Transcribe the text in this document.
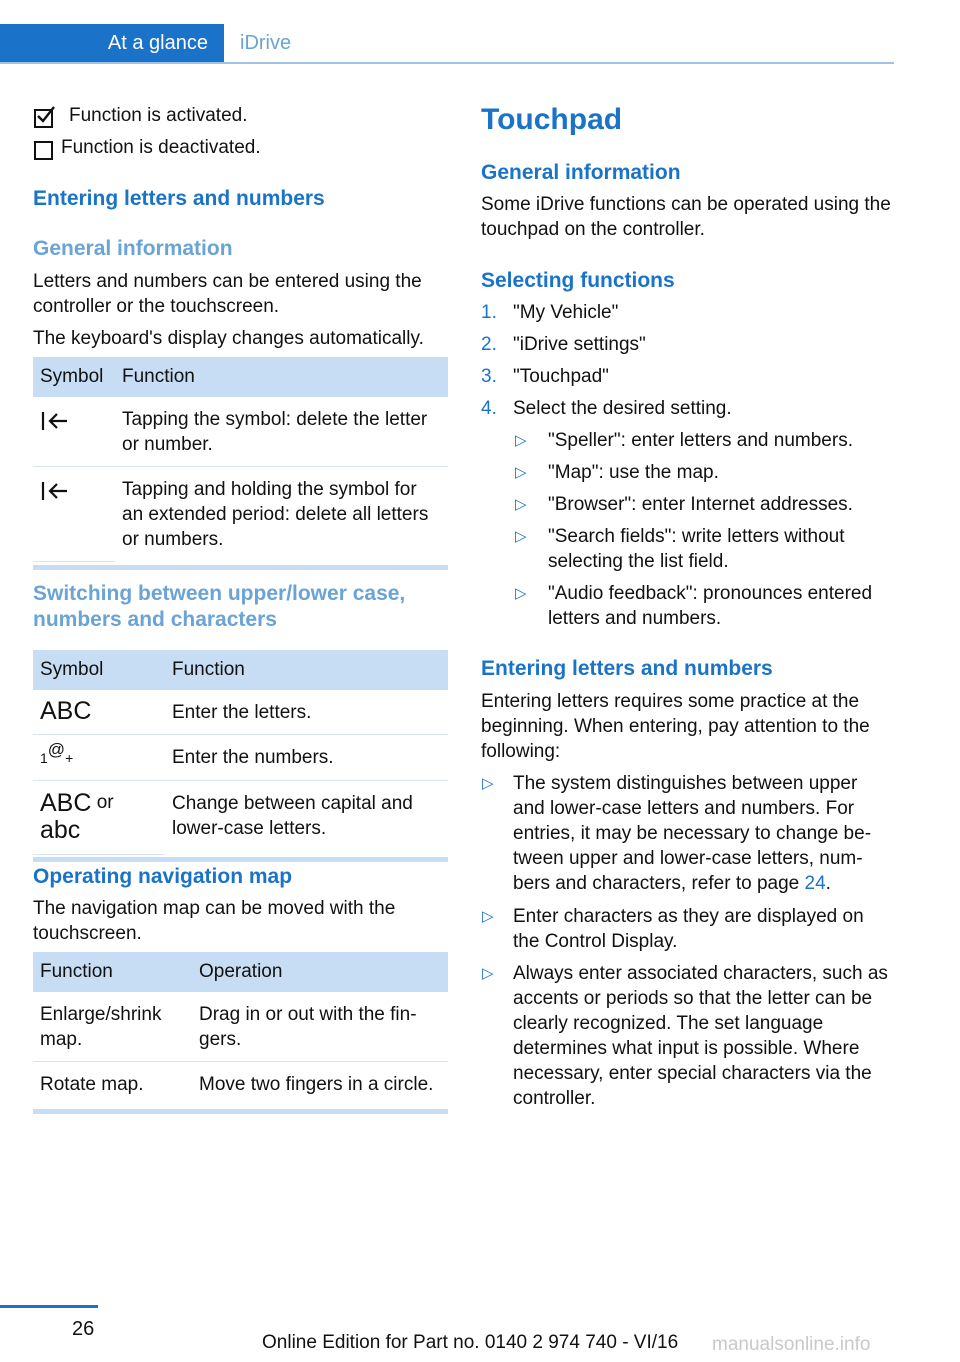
At a glance iDrive
Function is activated.
Function is deactivated.

Entering letters and numbers

General information

Letters and numbers can be entered using the controller or the touchscreen.

The keyboard's display changes automatically.

Symbol	Function
	Tapping the symbol: delete the letter or number.
	Tapping and holding the symbol for an extended period: delete all letters or numbers.

Switching between upper/lower case, numbers and characters

Symbol	Function
ABC	Enter the letters.
1@+	Enter the numbers.
ABC or
abc	Change between capital and lower-case letters.

Operating navigation map

The navigation map can be moved with the touchscreen.

Function	Operation
Enlarge/shrink map.	Drag in or out with the fingers.
Rotate map.	Move two fingers in a circle.

Touchpad

General information

Some iDrive functions can be operated using the touchpad on the controller.

Selecting functions

1. "My Vehicle"
2. "iDrive settings"
3. "Touchpad"
4. Select the desired setting.
▷ "Speller": enter letters and numbers.
▷ "Map": use the map.
▷ "Browser": enter Internet addresses.
▷ "Search fields": write letters without selecting the list field.
▷ "Audio feedback": pronounces entered letters and numbers.

Entering letters and numbers

Entering letters requires some practice at the beginning. When entering, pay attention to the following:

▷ The system distinguishes between upper and lower-case letters and numbers. For entries, it may be necessary to change between upper and lower-case letters, numbers and characters, refer to page 24.
▷ Enter characters as they are displayed on the Control Display.
▷ Always enter associated characters, such as accents or periods so that the letter can be clearly recognized. The set language determines what input is possible. Where necessary, enter special characters via the controller.
26
Online Edition for Part no. 0140 2 974 740 - VI/16 manualsonline.info
